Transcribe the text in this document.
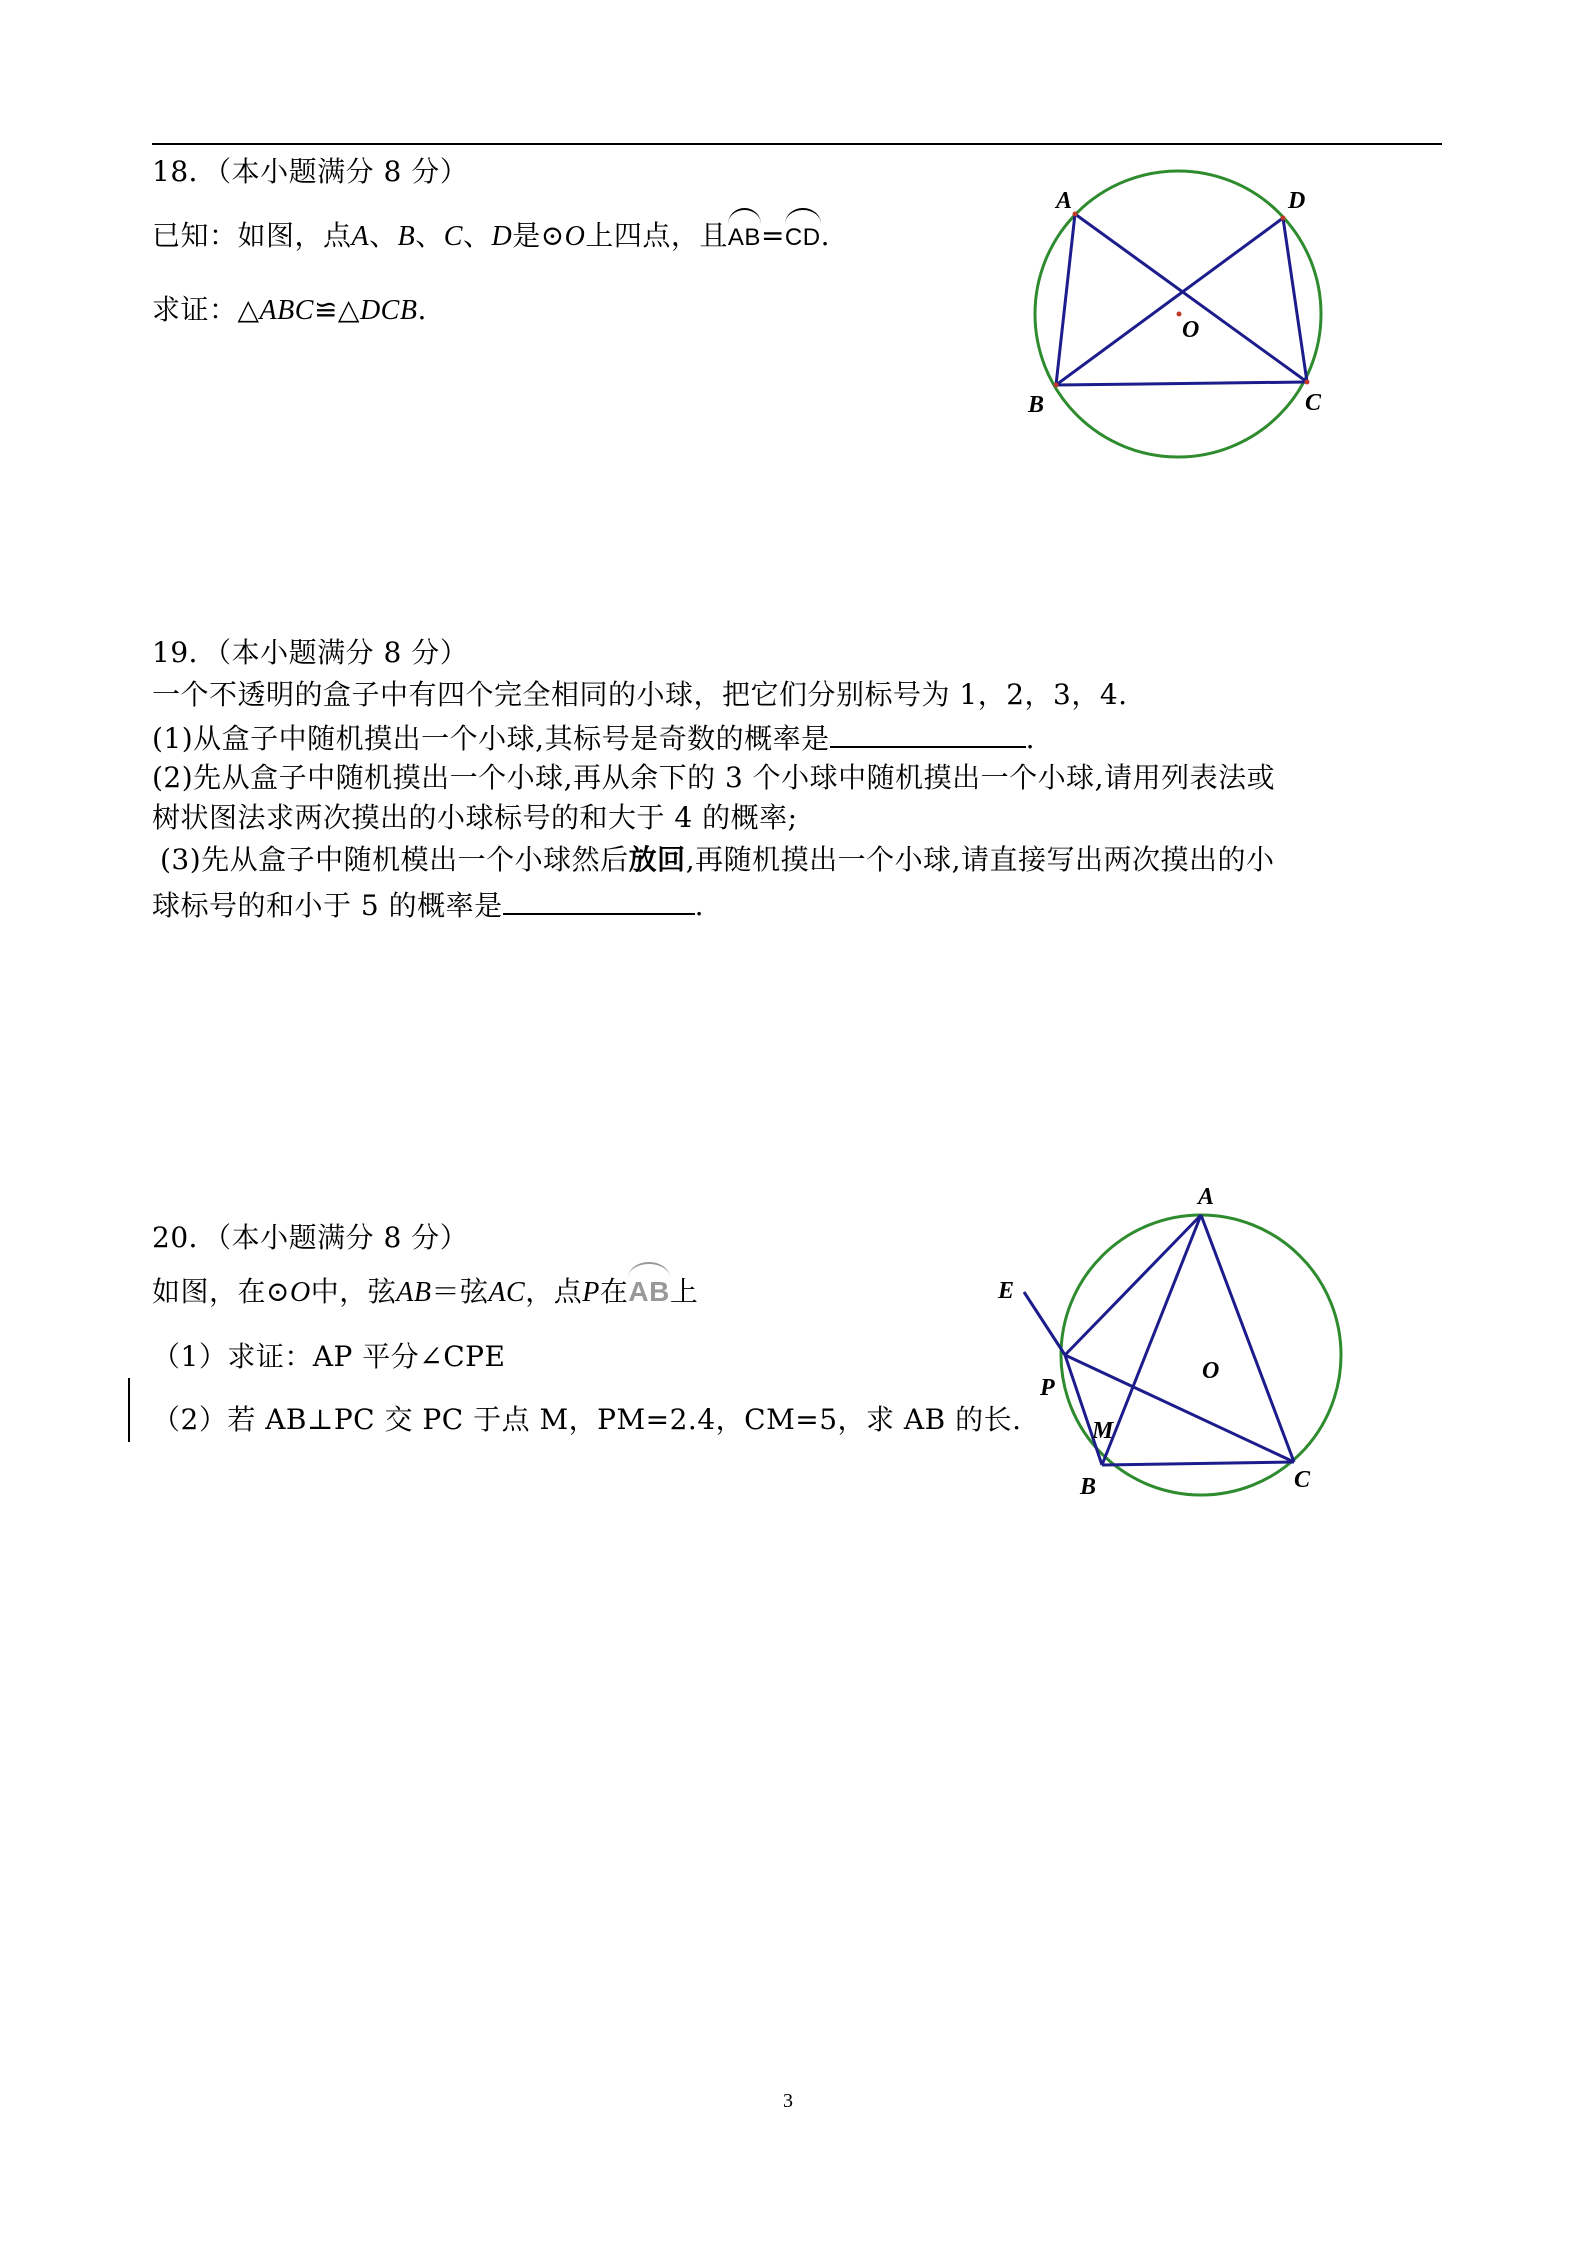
18．（本小题满分 8 分）
已知：如图，点A、B、C、D是⊙O上四点，且AB=CD.
求证：△ABC≌△DCB.
A	D
O
B	C
19．（本小题满分 8 分）
一个不透明的盒子中有四个完全相同的小球，把它们分别标号为 1，2，3，4.
(1)从盒子中随机摸出一个小球,其标号是奇数的概率是	.
(2)先从盒子中随机摸出一个小球,再从余下的 3 个小球中随机摸出一个小球,请用列表法或
树状图法求两次摸出的小球标号的和大于 4 的概率;
(3)先从盒子中随机模出一个小球然后放回,再随机摸出一个小球,请直接写出两次摸出的小
球标号的和小于 5 的概率是	.
20．（本小题满分 8 分）
如图，在⊙O中，弦AB＝弦AC，点P在AB上
（1）求证：AP 平分∠CPE
（2）若 AB⊥PC 交 PC 于点 M，PM=2.4，CM=5，求 AB 的长.
A
E
O
P
M
B	C
3
